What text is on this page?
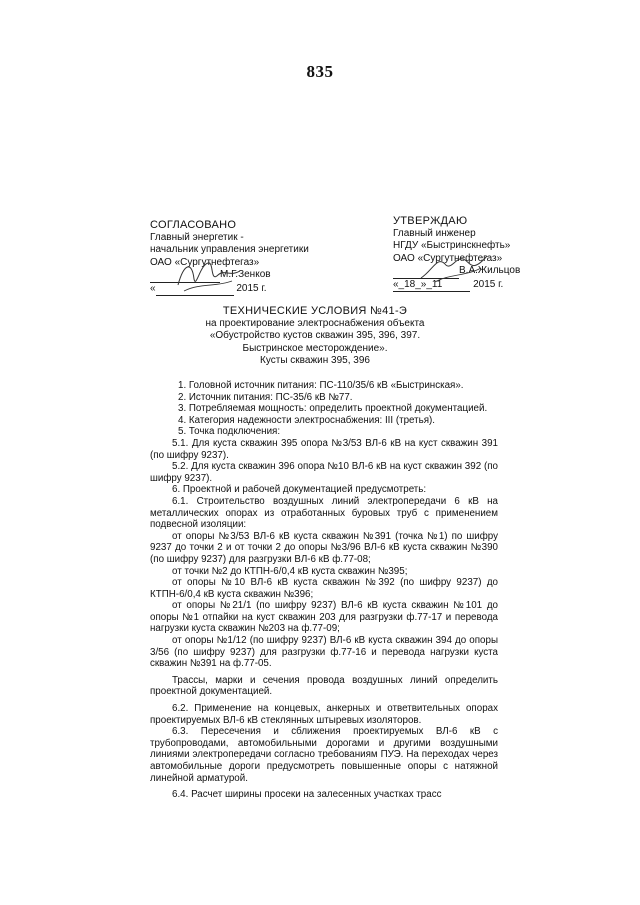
835
СОГЛАСОВАНО
Главный энергетик -
начальник управления энергетики
ОАО «Сургутнефтегаз»
М.Г.Зенков
«	2015 г.
УТВЕРЖДАЮ
Главный инженер
НГДУ «Быстринскнефть»
ОАО «Сургутнефтегаз»
В.А.Жильцов
«_18_»_11	2015 г.
ТЕХНИЧЕСКИЕ УСЛОВИЯ №41-Э
на проектирование электроснабжения объекта
«Обустройство кустов скважин 395, 396, 397.
Быстринское месторождение».
Кусты скважин 395, 396

1. Головной источник питания: ПС-110/35/6 кВ «Быстринская».

2. Источник питания: ПС-35/6 кВ №77.

3. Потребляемая мощность: определить проектной документацией.

4. Категория надежности электроснабжения: III (третья).

5. Точка подключения:

5.1. Для куста скважин 395 опора №3/53 ВЛ-6 кВ на куст скважин 391 (по шифру 9237).

5.2. Для куста скважин 396 опора №10 ВЛ-6 кВ на куст скважин 392 (по шифру 9237).

6. Проектной и рабочей документацией предусмотреть:

6.1. Строительство воздушных линий электропередачи 6 кВ на металлических опорах из отработанных буровых труб с применением подвесной изоляции:

от опоры №3/53 ВЛ-6 кВ куста скважин №391 (точка №1) по шифру 9237 до точки 2 и от точки 2 до опоры №3/96 ВЛ-6 кВ куста скважин №390 (по шифру 9237) для разгрузки ВЛ-6 кВ ф.77-08;

от точки №2 до КТПН-6/0,4 кВ куста скважин №395;

от опоры №10 ВЛ-6 кВ куста скважин №392 (по шифру 9237) до КТПН-6/0,4 кВ куста скважин №396;

от опоры №21/1 (по шифру 9237) ВЛ-6 кВ куста скважин №101 до опоры №1 отпайки на куст скважин 203 для разгрузки ф.77-17 и перевода нагрузки куста скважин №203 на ф.77-09;

от опоры №1/12 (по шифру 9237) ВЛ-6 кВ куста скважин 394 до опоры 3/56 (по шифру 9237) для разгрузки ф.77-16 и перевода нагрузки куста скважин №391 на ф.77-05.

Трассы, марки и сечения провода воздушных линий определить проектной документацией.

6.2. Применение на концевых, анкерных и ответвительных опорах проектируемых ВЛ-6 кВ стеклянных штыревых изоляторов.

6.3. Пересечения и сближения проектируемых ВЛ-6 кВ с трубопроводами, автомобильными дорогами и другими воздушными линиями электропередачи согласно требованиям ПУЭ. На переходах через автомобильные дороги предусмотреть повышенные опоры с натяжной линейной арматурой.

6.4. Расчет ширины просеки на залесенных участках трасс
